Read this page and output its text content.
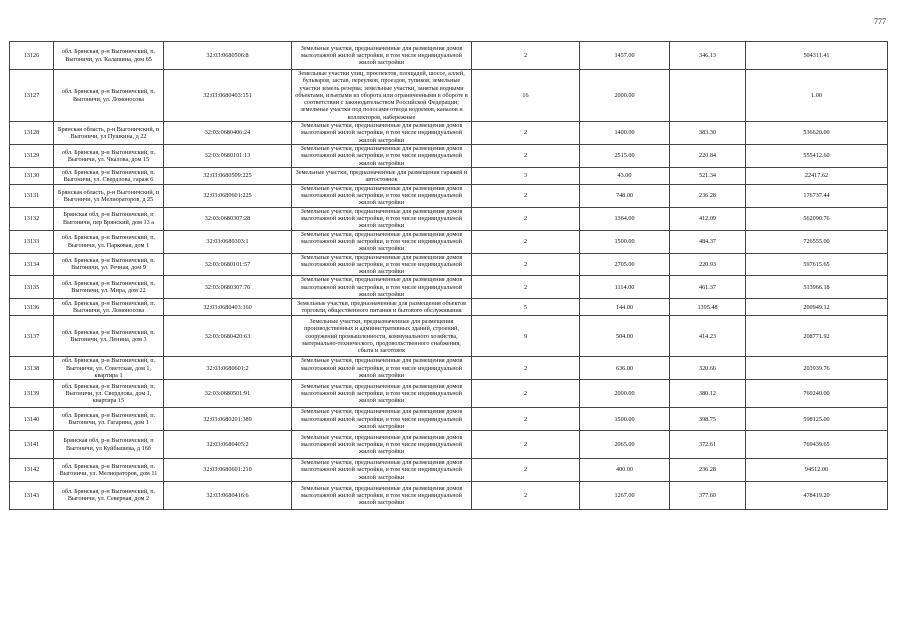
777
13126	обл. Брянская, р-н Выгоничский, п. Выгоничи, ул. Калашина, дом 65	32:03:0680506:8	Земельные участки, предназначенные для размещения домов малоэтажной жилой застройки, в том числе индивидуальной жилой застройки	2	1457.00	346.13	504311.41
13127	обл. Брянская, р-н Выгоничский, п. Выгоничи, ул. Ломоносова	32:03:0680403:151	Земельные участки улиц, проспектов, площадей, шоссе, аллей, бульваров, застав, переулков, проездов, тупиков; земельные участки земель резерва; земельные участки, занятые водными объектами, изъятыми из оборота или ограниченными в обороте в соответствии с законодательством Российской Федерации; земельные участки под полосами отвода водоемов, каналов и коллекторов, набережные	16	2000.00		1.00
13128	Брянская область, р-н Выгоничский, п Выгоничи, ул Пушкина, д 22	32:03:0680406:24	Земельные участки, предназначенные для размещения домов малоэтажной жилой застройки, в том числе индивидуальной жилой застройки	2	1400.00	383.30	536620.00
13129	обл. Брянская, р-н Выгоничский, п. Выгоничи, ул. Чкалова, дом 15	32:03:0680101:13	Земельные участки, предназначенные для размещения домов малоэтажной жилой застройки, в том числе индивидуальной жилой застройки	2	2515.00	220.84	555412.60
13130	обл. Брянская, р-н Выгоничский, п. Выгоничи, ул. Свердлова, гараж 6	32:03:0680509:225	Земельные участки, предназначенные для размещения гаражей и автостоянок	3	43.00	521.34	22417.62
13131	Брянская область, р-н Выгоничский, п Выгоничи, ул Мелиораторов, д 25	32:03:0680601:225	Земельные участки, предназначенные для размещения домов малоэтажной жилой застройки, в том числе индивидуальной жилой застройки	2	748.00	236.28	176737.44
13132	Брянская обл, р-н Выгоничский, п Выгоничи, пер Брянский, дом 13 а	32:03:0680307:28	Земельные участки, предназначенные для размещения домов малоэтажной жилой застройки, в том числе индивидуальной жилой застройки	2	1364.00	412.09	562090.76
13133	обл. Брянская, р-н Выгоничский, п. Выгоничи, ул. Парковая, дом 1	32:03:0680303:1	Земельные участки, предназначенные для размещения домов малоэтажной жилой застройки, в том числе индивидуальной жилой застройки	2	1500.00	484.37	726555.00
13134	обл. Брянская, р-н Выгоничский, п. Выгоничи, ул. Речная, дом 9	32:03:0680101:57	Земельные участки, предназначенные для размещения домов малоэтажной жилой застройки, в том числе индивидуальной жилой застройки	2	2705.00	220.93	597615.65
13135	обл. Брянская, р-н Выгоничский, п. Выгоничи, ул. Мира, дом 22	32:03:0680307:76	Земельные участки, предназначенные для размещения домов малоэтажной жилой застройки, в том числе индивидуальной жилой застройки	2	1114.00	461.37	513966.18
13136	обл. Брянская, р-н Выгоничский, п. Выгоничи, ул. Ломоносова	32:03:0680403:160	Земельные участки, предназначенные для размещения объектов торговли, общественного питания и бытового обслуживания	5	144.00	1395.48	200949.12
13137	обл. Брянская, р-н Выгоничский, п. Выгоничи, ул. Ленина, дом 3	32:03:0680420:63	Земельные участки, предназначенные для размещения производственных и административных зданий, строений, сооружений промышленности, коммунального хозяйства, материально-технического, продовольственного снабжения, сбыта и заготовок	9	504.00	414.23	208771.92
13138	обл. Брянская, р-н Выгоничский, п. Выгоничи, ул. Советская, дом 1, квартира 1	32:03:0680601:2	Земельные участки, предназначенные для размещения домов малоэтажной жилой застройки, в том числе индивидуальной жилой застройки	2	636.00	320.66	203939.76
13139	обл. Брянская, р-н Выгоничский, п. Выгоничи, ул. Свердлова, дом 1, квартира 15	32:03:0680501:91	Земельные участки, предназначенные для размещения домов малоэтажной жилой застройки, в том числе индивидуальной жилой застройки	2	2000.00	380.12	760240.00
13140	обл. Брянская, р-н Выгоничский, п. Выгоничи, ул. Гагарина, дом 1	32:03:0680201:389	Земельные участки, предназначенные для размещения домов малоэтажной жилой застройки, в том числе индивидуальной жилой застройки	2	1500.00	398.75	598125.00
13141	Брянская обл, р-н Выгоничский, п Выгоничи, ул Куйбышева, д 16б	32:03:0680405:2	Земельные участки, предназначенные для размещения домов малоэтажной жилой застройки, в том числе индивидуальной жилой застройки	2	2065.00	372.61	769439.65
13142	обл. Брянская, р-н Выгоничский, п. Выгоничи, ул. Мелиораторов, дом 11	32:03:0680601:210	Земельные участки, предназначенные для размещения домов малоэтажной жилой застройки, в том числе индивидуальной жилой застройки	2	400.00	236.28	94512.00
13143	обл. Брянская, р-н Выгоничский, п. Выгоничи, ул. Северная, дом 2	32:03:0680416:6	Земельные участки, предназначенные для размещения домов малоэтажной жилой застройки, в том числе индивидуальной жилой застройки	2	1267.00	377.60	478419.20
